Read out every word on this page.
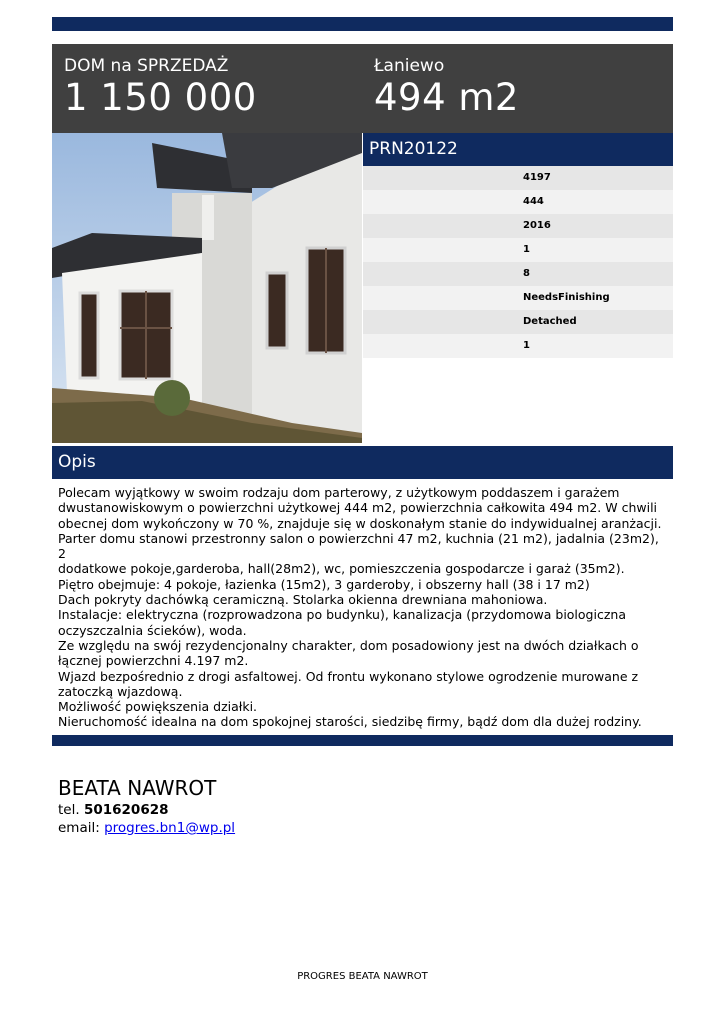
DOM na SPRZEDAŻ
1 150 000
Łaniewo
494 m2
PRN20122
4197
444
2016
1
8
NeedsFinishing
Detached
1
Opis

Polecam wyjątkowy w swoim rodzaju dom parterowy, z użytkowym poddaszem i garażem

dwustanowiskowym o powierzchni użytkowej 444 m2, powierzchnia całkowita 494 m2. W chwili

obecnej dom wykończony w 70 %, znajduje się w doskonałym stanie do indywidualnej aranżacji.

Parter domu stanowi przestronny salon o powierzchni 47 m2, kuchnia (21 m2), jadalnia (23m2), 2

dodatkowe pokoje,garderoba, hall(28m2), wc, pomieszczenia gospodarcze i garaż (35m2).

Piętro obejmuje: 4 pokoje, łazienka (15m2), 3 garderoby, i obszerny hall (38 i 17 m2)

Dach pokryty dachówką ceramiczną. Stolarka okienna drewniana mahoniowa.

Instalacje: elektryczna (rozprowadzona po budynku), kanalizacja (przydomowa biologiczna

oczyszczalnia ścieków), woda.

Ze względu na swój rezydencjonalny charakter, dom posadowiony jest na dwóch działkach o

łącznej powierzchni 4.197 m2.

Wjazd bezpośrednio z drogi asfaltowej. Od frontu wykonano stylowe ogrodzenie murowane z

zatoczką wjazdową.

Możliwość powiększenia działki.

Nieruchomość idealna na dom spokojnej starości, siedzibę firmy, bądź dom dla dużej rodziny.

BEATA NAWROT
tel. 501620628
email: progres.bn1@wp.pl
PROGRES BEATA NAWROT
